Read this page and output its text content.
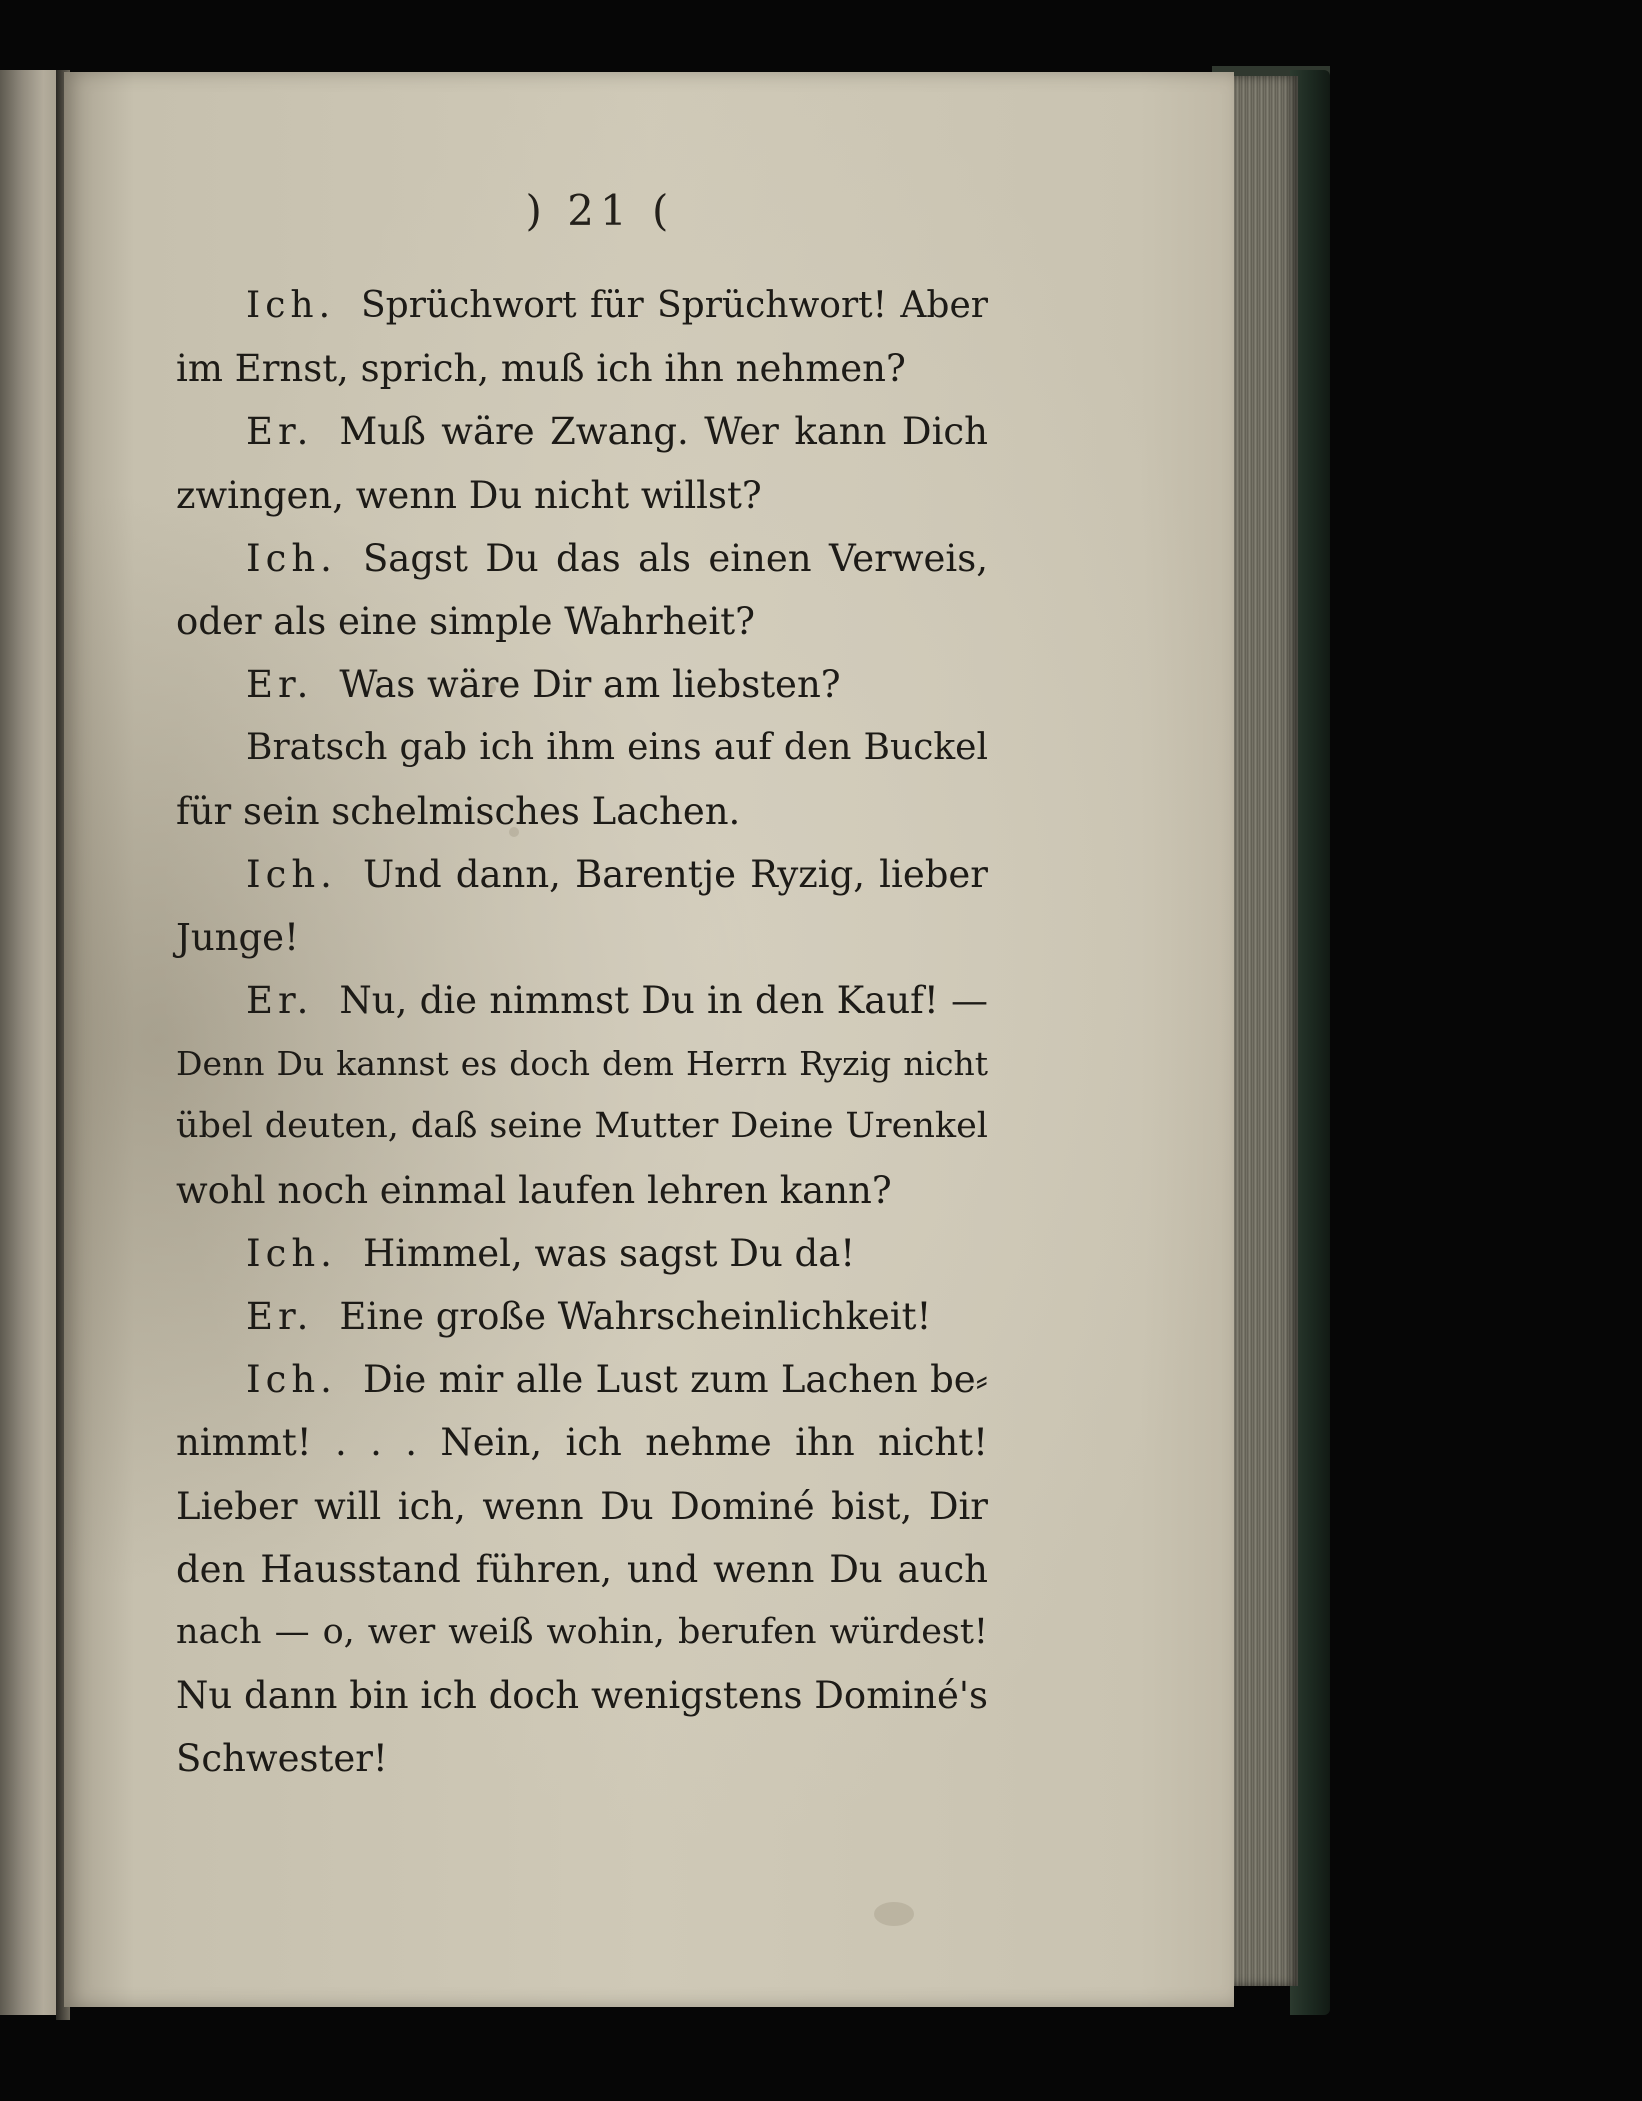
) 21 (
Ich. Sprüchwort für Sprüchwort! Aber
im Ernst, sprich, muß ich ihn nehmen?
Er. Muß wäre Zwang. Wer kann Dich
zwingen, wenn Du nicht willst?
Ich. Sagst Du das als einen Verweis,
oder als eine simple Wahrheit?
Er. Was wäre Dir am liebsten?
Bratsch gab ich ihm eins auf den Buckel
für sein schelmisches Lachen.
Ich. Und dann, Barentje Ryzig, lieber
Junge!
Er. Nu, die nimmst Du in den Kauf! —
Denn Du kannst es doch dem Herrn Ryzig nicht
übel deuten, daß seine Mutter Deine Urenkel
wohl noch einmal laufen lehren kann?
Ich. Himmel, was sagst Du da!
Er. Eine große Wahrscheinlichkeit!
Ich. Die mir alle Lust zum Lachen be⸗
nimmt! . . . Nein, ich nehme ihn nicht!
Lieber will ich, wenn Du Dominé bist, Dir
den Hausstand führen, und wenn Du auch
nach — o, wer weiß wohin, berufen würdest!
Nu dann bin ich doch wenigstens Dominé's
Schwester!
